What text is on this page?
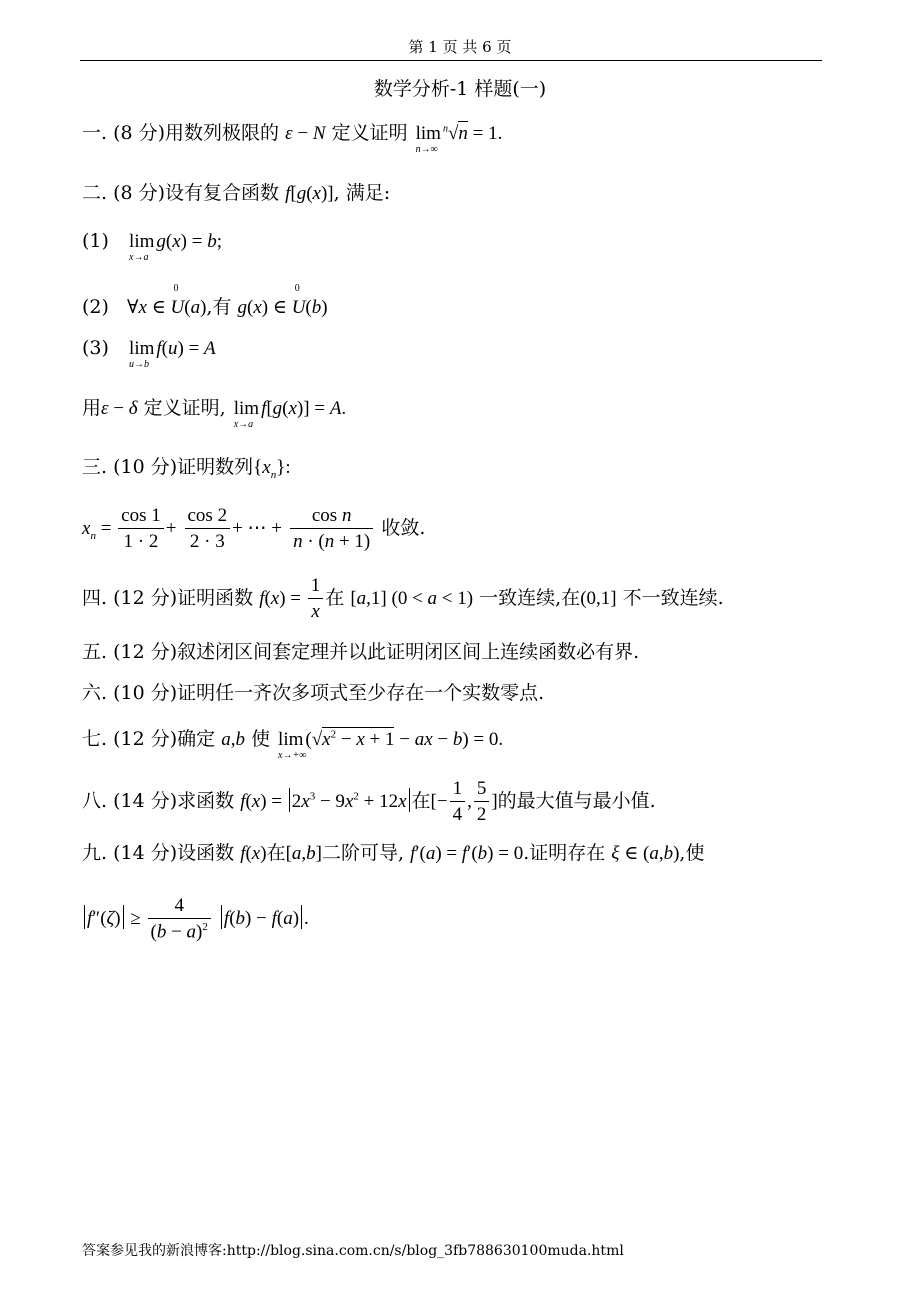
第 1 页 共 6 页
数学分析-1 样题(一)
一. (8 分)用数列极限的 ε − N 定义证明 lim
n→∞
$^n$√n = 1.
二. (8 分)设有复合函数 f[g(x)], 满足:
(1) lim
x→a
g(x) = b;
(2) ∀x ∈ U
0
(a),有 g(x) ∈ U
0
(b)
(3) lim
u→b
f(u) = A
用ε − δ 定义证明, lim
x→a
f[g(x)] = A.
三. (10 分)证明数列$\{x_n\}$:
$x_n = \frac{\cos 1}{1 \cdot 2} + \frac{\cos 2}{2 \cdot 3}$ + ⋯ + $\frac{\text{cos n}}{n \cdot (n + 1)}$ 收敛.
四. (12 分)证明函数 $f(x) = \frac{1}{x}$ 在 [a,1] (0 < a < 1) 一致连续,在(0,1] 不一致连续.
五. (12 分)叙述闭区间套定理并以此证明闭区间上连续函数必有界.
六. (10 分)证明任一齐次多项式至少存在一个实数零点.
七. (12 分)确定 a,b 使 lim
x→+∞
($√x^2 - x + 1$ − ax − b) = 0.
八. (14 分)求函数 $f(x) = 2x^3 - 9x^2 + 12x$ 在[− $\frac{1}{4}$ , $\frac{5}{2}$ ]的最大值与最小值.
九. (14 分)设函数 f(x)在[a,b]二阶可导, f′(a) = f′(b) = 0.证明存在 ξ ∈ (a,b),使
$f''(\zeta) \ge \frac{4}{(b - a)^2} f(b) - f(a)$ .
答案参见我的新浪博客:http://blog.sina.com.cn/s/blog_3fb788630100muda.html
